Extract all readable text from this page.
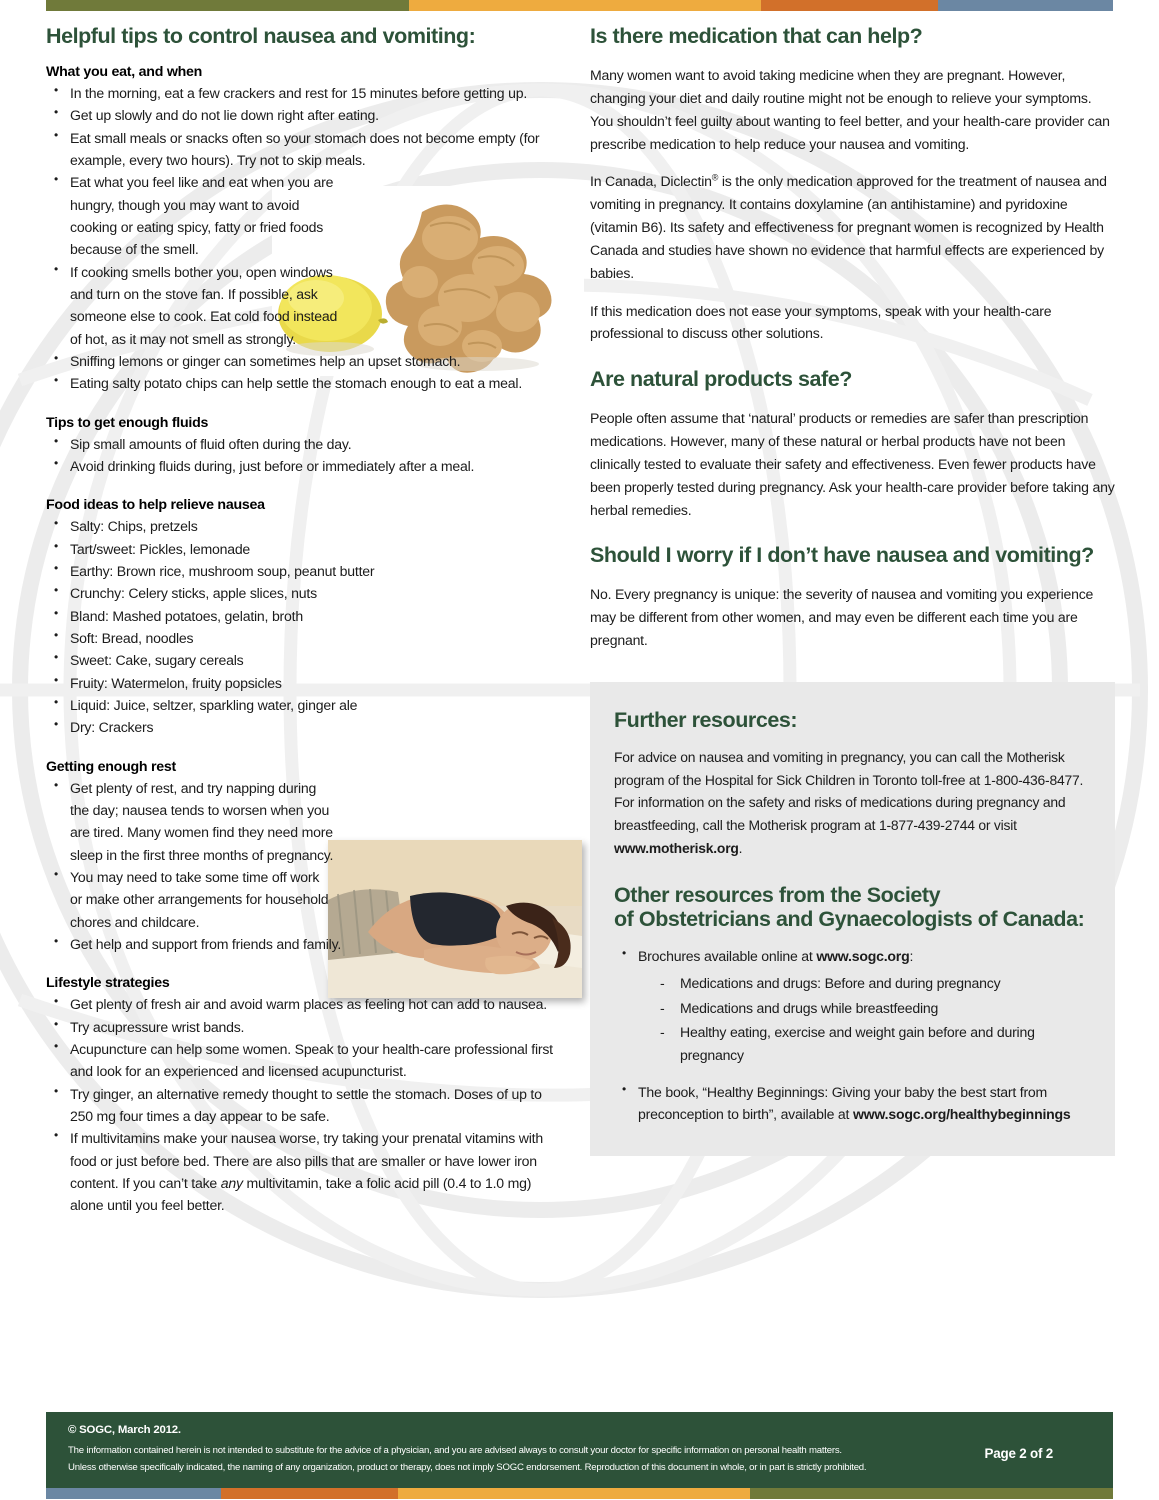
Helpful tips to control nausea and vomiting:
What you eat, and when
• In the morning, eat a few crackers and rest for 15 minutes before getting up.
• Get up slowly and do not lie down right after eating.
• Eat small meals or snacks often so your stomach does not become empty (for example, every two hours). Try not to skip meals.
• Eat what you feel like and eat when you are hungry, though you may want to avoid cooking or eating spicy, fatty or fried foods because of the smell.
• If cooking smells bother you, open windows and turn on the stove fan. If possible, ask someone else to cook. Eat cold food instead of hot, as it may not smell as strongly.
• Sniffing lemons or ginger can sometimes help an upset stomach.
• Eating salty potato chips can help settle the stomach enough to eat a meal.
Tips to get enough fluids
• Sip small amounts of fluid often during the day.
• Avoid drinking fluids during, just before or immediately after a meal.
Food ideas to help relieve nausea
• Salty: Chips, pretzels
• Tart/sweet: Pickles, lemonade
• Earthy: Brown rice, mushroom soup, peanut butter
• Crunchy: Celery sticks, apple slices, nuts
• Bland: Mashed potatoes, gelatin, broth
• Soft: Bread, noodles
• Sweet: Cake, sugary cereals
• Fruity: Watermelon, fruity popsicles
• Liquid: Juice, seltzer, sparkling water, ginger ale
• Dry: Crackers
Getting enough rest
• Get plenty of rest, and try napping during the day; nausea tends to worsen when you are tired. Many women find they need more sleep in the first three months of pregnancy.
• You may need to take some time off work or make other arrangements for household chores and childcare.
• Get help and support from friends and family.
Lifestyle strategies
• Get plenty of fresh air and avoid warm places as feeling hot can add to nausea.
• Try acupressure wrist bands.
• Acupuncture can help some women. Speak to your health-care professional first and look for an experienced and licensed acupuncturist.
• Try ginger, an alternative remedy thought to settle the stomach. Doses of up to 250 mg four times a day appear to be safe.
• If multivitamins make your nausea worse, try taking your prenatal vitamins with food or just before bed. There are also pills that are smaller or have lower iron content. If you can’t take any multivitamin, take a folic acid pill (0.4 to 1.0 mg) alone until you feel better.
Is there medication that can help?

Many women want to avoid taking medicine when they are pregnant. However, changing your diet and daily routine might not be enough to relieve your symptoms. You shouldn’t feel guilty about wanting to feel better, and your health-care provider can prescribe medication to help reduce your nausea and vomiting.

In Canada, Diclectin® is the only medication approved for the treatment of nausea and vomiting in pregnancy. It contains doxylamine (an antihistamine) and pyridoxine (vitamin B6). Its safety and effectiveness for pregnant women is recognized by Health Canada and studies have shown no evidence that harmful effects are experienced by babies.

If this medication does not ease your symptoms, speak with your health-care professional to discuss other solutions.

Are natural products safe?

People often assume that ‘natural’ products or remedies are safer than prescription medications. However, many of these natural or herbal products have not been clinically tested to evaluate their safety and effectiveness. Even fewer products have been properly tested during pregnancy. Ask your health-care provider before taking any herbal remedies.

Should I worry if I don’t have nausea and vomiting?

No. Every pregnancy is unique: the severity of nausea and vomiting you experience may be different from other women, and may even be different each time you are pregnant.

Further resources:

For advice on nausea and vomiting in pregnancy, you can call the Motherisk program of the Hospital for Sick Children in Toronto toll-free at 1-800-436-8477. For information on the safety and risks of medications during pregnancy and breastfeeding, call the Motherisk program at 1-877-439-2744 or visit www.motherisk.org.

Other resources from the Society
of Obstetricians and Gynaecologists of Canada:
• Brochures available online at www.sogc.org:
- Medications and drugs: Before and during pregnancy
- Medications and drugs while breastfeeding
- Healthy eating, exercise and weight gain before and during pregnancy
• The book, “Healthy Beginnings: Giving your baby the best start from preconception to birth”, available at www.sogc.org/healthybeginnings
© SOGC, March 2012.
The information contained herein is not intended to substitute for the advice of a physician, and you are advised always to consult your doctor for specific information on personal health matters.
Unless otherwise specifically indicated, the naming of any organization, product or therapy, does not imply SOGC endorsement. Reproduction of this document in whole, or in part is strictly prohibited.
Page 2 of 2
